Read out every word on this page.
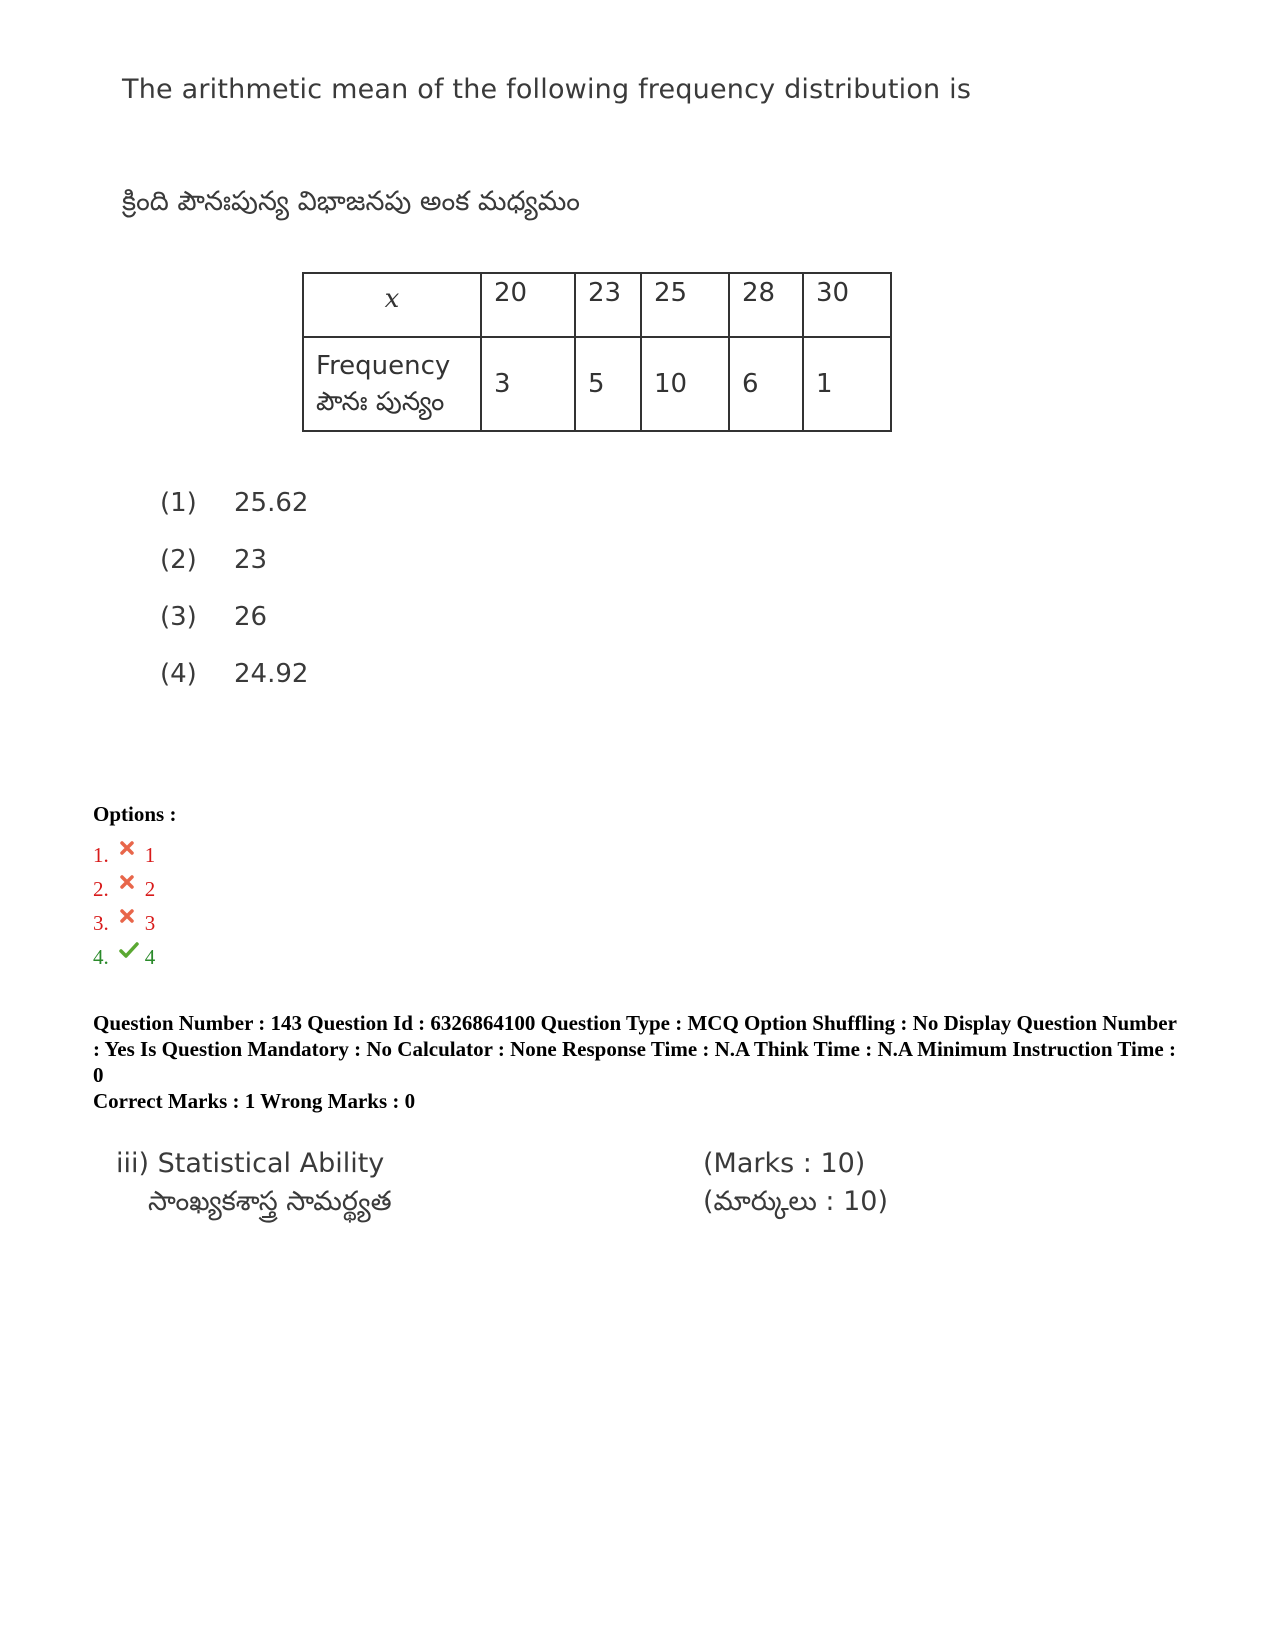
The arithmetic mean of the following frequency distribution is
క్రింది పౌనఃపున్య విభాజనపు అంక మధ్యమం
x	20	23	25	28	30

Frequency
పౌనః పున్యం	3	5	10	6	1
(1)	25.62
(2)	23
(3)	26
(4)	24.92
Options :
1. 1
2. 2
3. 3
4. 4
Question Number : 143 Question Id : 6326864100 Question Type : MCQ Option Shuffling : No Display Question Number : Yes Is Question Mandatory : No Calculator : None Response Time : N.A Think Time : N.A Minimum Instruction Time : 0
Correct Marks : 1 Wrong Marks : 0
iii) Statistical Ability
సాంఖ్యకశాస్త్ర సామర్థ్యత
(Marks : 10)
(మార్కులు : 10)
